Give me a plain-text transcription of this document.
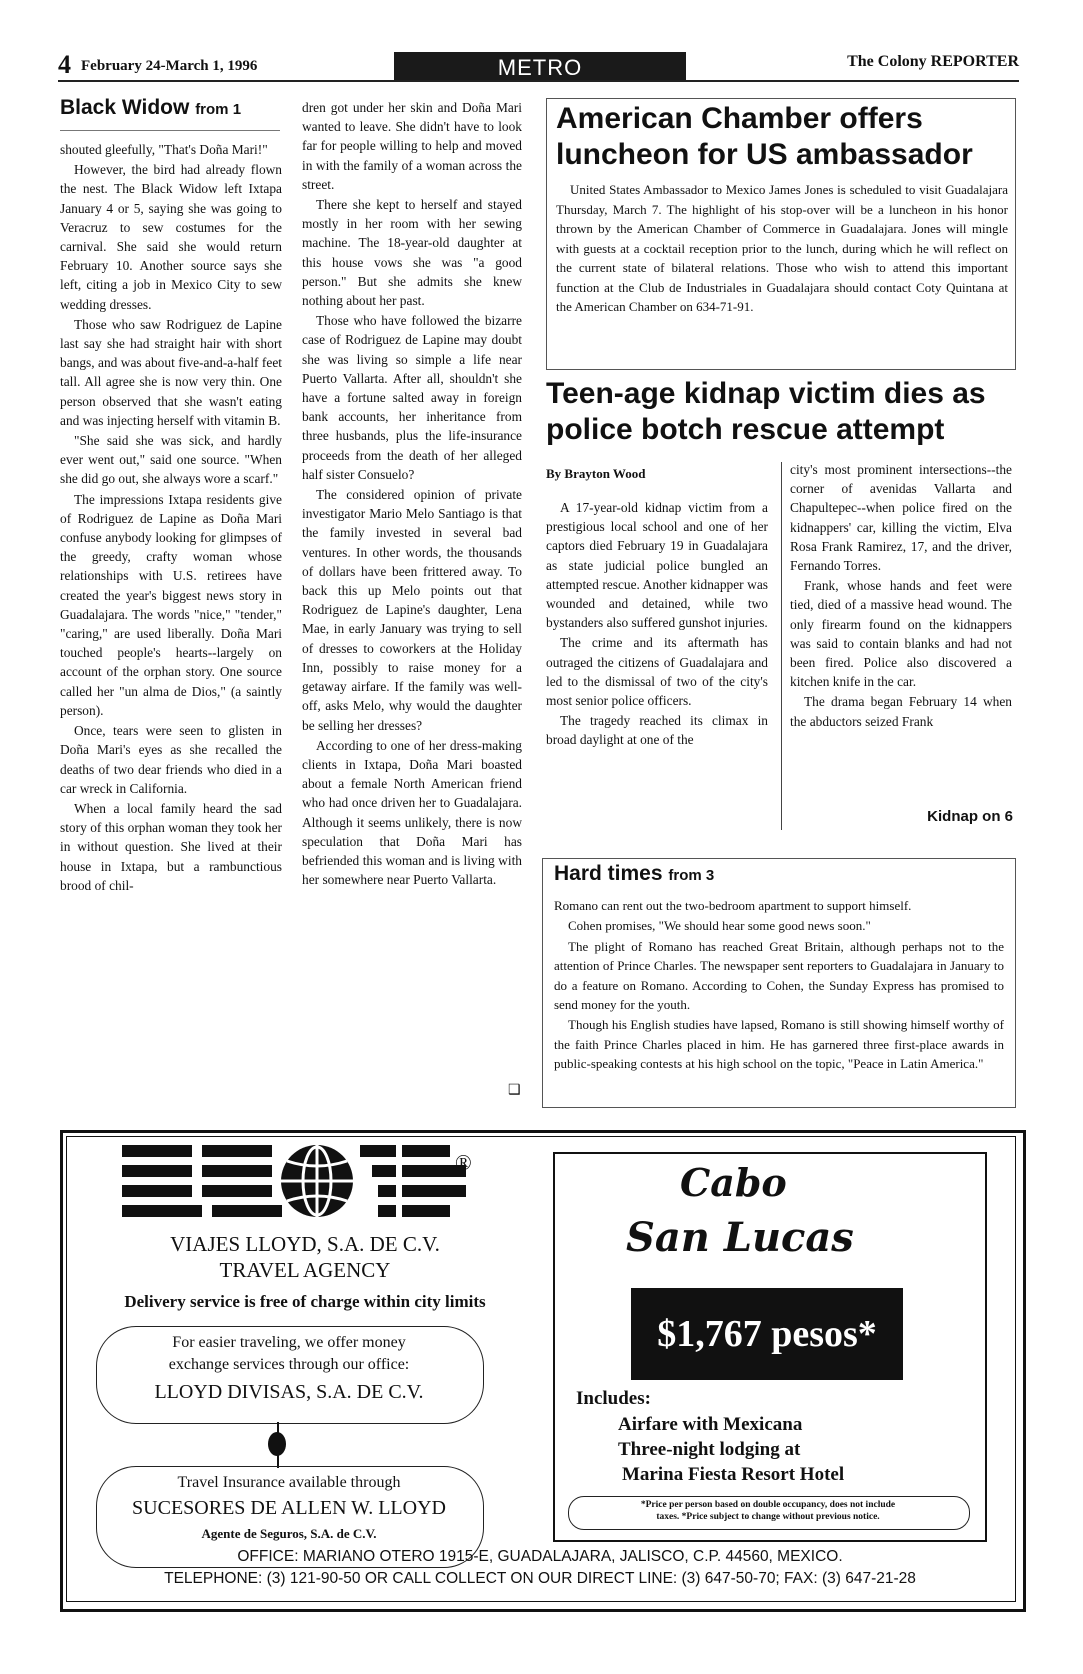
4 February 24-March 1, 1996	METRO	The Colony REPORTER
Black Widow from 1

shouted gleefully, "That's Doña Mari!"

However, the bird had already flown the nest. The Black Widow left Ixtapa January 4 or 5, saying she was going to Veracruz to sew costumes for the carnival. She said she would return February 10. Another source says she left, citing a job in Mexico City to sew wedding dresses.

Those who saw Rodriguez de Lapine last say she had straight hair with short bangs, and was about five-and-a-half feet tall. All agree she is now very thin. One person observed that she wasn't eating and was injecting herself with vitamin B.

"She said she was sick, and hardly ever went out," said one source. "When she did go out, she always wore a scarf."

The impressions Ixtapa residents give of Rodriguez de Lapine as Doña Mari confuse anybody looking for glimpses of the greedy, crafty woman whose relationships with U.S. retirees have created the year's biggest news story in Guadalajara. The words "nice," "tender," "caring," are used liberally. Doña Mari touched people's hearts--largely on account of the orphan story. One source called her "un alma de Dios," (a saintly person).

Once, tears were seen to glisten in Doña Mari's eyes as she recalled the deaths of two dear friends who died in a car wreck in California.

When a local family heard the sad story of this orphan woman they took her in without question. She lived at their house in Ixtapa, but a rambunctious brood of chil-

dren got under her skin and Doña Mari wanted to leave. She didn't have to look far for people willing to help and moved in with the family of a woman across the street.

There she kept to herself and stayed mostly in her room with her sewing machine. The 18-year-old daughter at this house vows she was "a good person." But she admits she knew nothing about her past.

Those who have followed the bizarre case of Rodriguez de Lapine may doubt she was living so simple a life near Puerto Vallarta. After all, shouldn't she have a fortune salted away in foreign bank accounts, her inheritance from three husbands, plus the life-insurance proceeds from the death of her alleged half sister Consuelo?

The considered opinion of private investigator Mario Melo Santiago is that the family invested in several bad ventures. In other words, the thousands of dollars have been frittered away. To back this up Melo points out that Rodriguez de Lapine's daughter, Lena Mae, in early January was trying to sell of dresses to coworkers at the Holiday Inn, possibly to raise money for a getaway airfare. If the family was well-off, asks Melo, why would the daughter be selling her dresses?

According to one of her dress-making clients in Ixtapa, Doña Mari boasted about a female North American friend who had once driven her to Guadalajara. Although it seems unlikely, there is now speculation that Doña Mari has befriended this woman and is living with her somewhere near Puerto Vallarta.

❑
American Chamber offers luncheon for US ambassador

United States Ambassador to Mexico James Jones is scheduled to visit Guadalajara Thursday, March 7. The highlight of his stop-over will be a luncheon in his honor thrown by the American Chamber of Commerce in Guadalajara. Jones will mingle with guests at a cocktail reception prior to the lunch, during which he will reflect on the current state of bilateral relations. Those who wish to attend this important function at the Club de Industriales in Guadalajara should contact Coty Quintana at the American Chamber on 634-71-91.

Teen-age kidnap victim dies as police botch rescue attempt
By Brayton Wood

A 17-year-old kidnap victim from a prestigious local school and one of her captors died February 19 in Guadalajara as state judicial police bungled an attempted rescue. Another kidnapper was wounded and detained, while two bystanders also suffered gunshot injuries.

The crime and its aftermath has outraged the citizens of Guadalajara and led to the dismissal of two of the city's most senior police officers.

The tragedy reached its climax in broad daylight at one of the

city's most prominent intersections--the corner of avenidas Vallarta and Chapultepec--when police fired on the kidnappers' car, killing the victim, Elva Rosa Frank Ramirez, 17, and the driver, Fernando Torres.

Frank, whose hands and feet were tied, died of a massive head wound. The only firearm found on the kidnappers was said to contain blanks and had not been fired. Police also discovered a kitchen knife in the car.

The drama began February 14 when the abductors seized Frank

Kidnap on 6
Hard times from 3

Romano can rent out the two-bedroom apartment to support himself.

Cohen promises, "We should hear some good news soon."

The plight of Romano has reached Great Britain, although perhaps not to the attention of Prince Charles. The newspaper sent reporters to Guadalajara in January to do a feature on Romano. According to Cohen, the Sunday Express has promised to send money for the youth.

Though his English studies have lapsed, Romano is still showing himself worthy of the faith Prince Charles placed in him. He has garnered three first-place awards in public-speaking contests at his high school on the topic, "Peace in Latin America."

®
VIAJES LLOYD, S.A. DE C.V.
TRAVEL AGENCY
Delivery service is free of charge within city limits
For easier traveling, we offer money
exchange services through our office:
LLOYD DIVISAS, S.A. DE C.V.
Travel Insurance available through
SUCESORES DE ALLEN W. LLOYD
Agente de Seguros, S.A. de C.V.
Cabo
San Lucas
$1,767 pesos*
Includes:
Airfare with Mexicana
Three-night lodging at
Marina Fiesta Resort Hotel
*Price per person based on double occupancy, does not include
taxes. *Price subject to change without previous notice.
OFFICE: MARIANO OTERO 1915-E, GUADALAJARA, JALISCO, C.P. 44560, MEXICO.
TELEPHONE: (3) 121-90-50 OR CALL COLLECT ON OUR DIRECT LINE: (3) 647-50-70; FAX: (3) 647-21-28
